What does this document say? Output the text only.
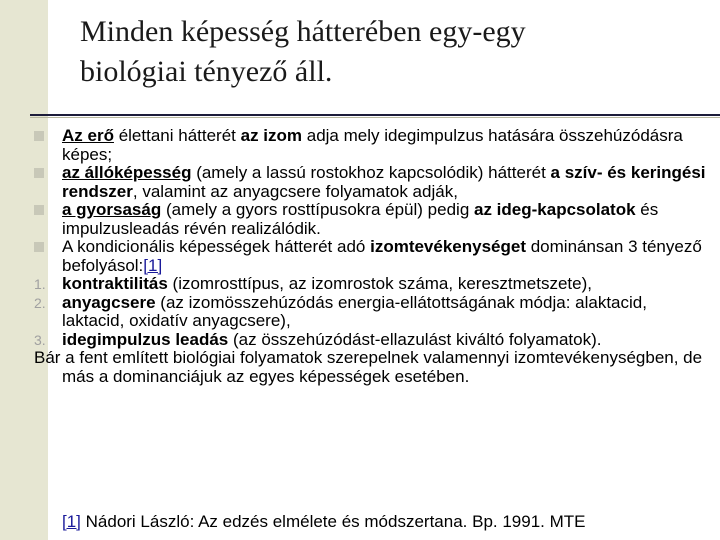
Minden képesség hátterében egy-egy
biológiai tényező áll.
Az erő élettani hátterét az izom adja mely idegimpulzus hatására összehúzódásra képes;
az állóképesség (amely a lassú rostokhoz kapcsolódik) hátterét a szív- és keringési rendszer, valamint az anyagcsere folyamatok adják,
a gyorsaság (amely a gyors rosttípusokra épül) pedig az ideg-kapcsolatok és impulzusleadás révén realizálódik.
A kondicionális képességek hátterét adó izomtevékenységet dominánsan 3 tényező befolyásol:[1]
1. kontraktilitás (izomrosttípus, az izomrostok száma, keresztmetszete),
2. anyagcsere (az izomösszehúzódás energia-ellátottságának módja: alaktacid, laktacid, oxidatív anyagcsere),
3. idegimpulzus leadás (az összehúzódást-ellazulást kiváltó folyamatok).
Bár a fent említett biológiai folyamatok szerepelnek valamennyi izomtevékenységben, de más a dominanciájuk az egyes képességek esetében.
[1] Nádori László: Az edzés elmélete és módszertana. Bp. 1991. MTE
